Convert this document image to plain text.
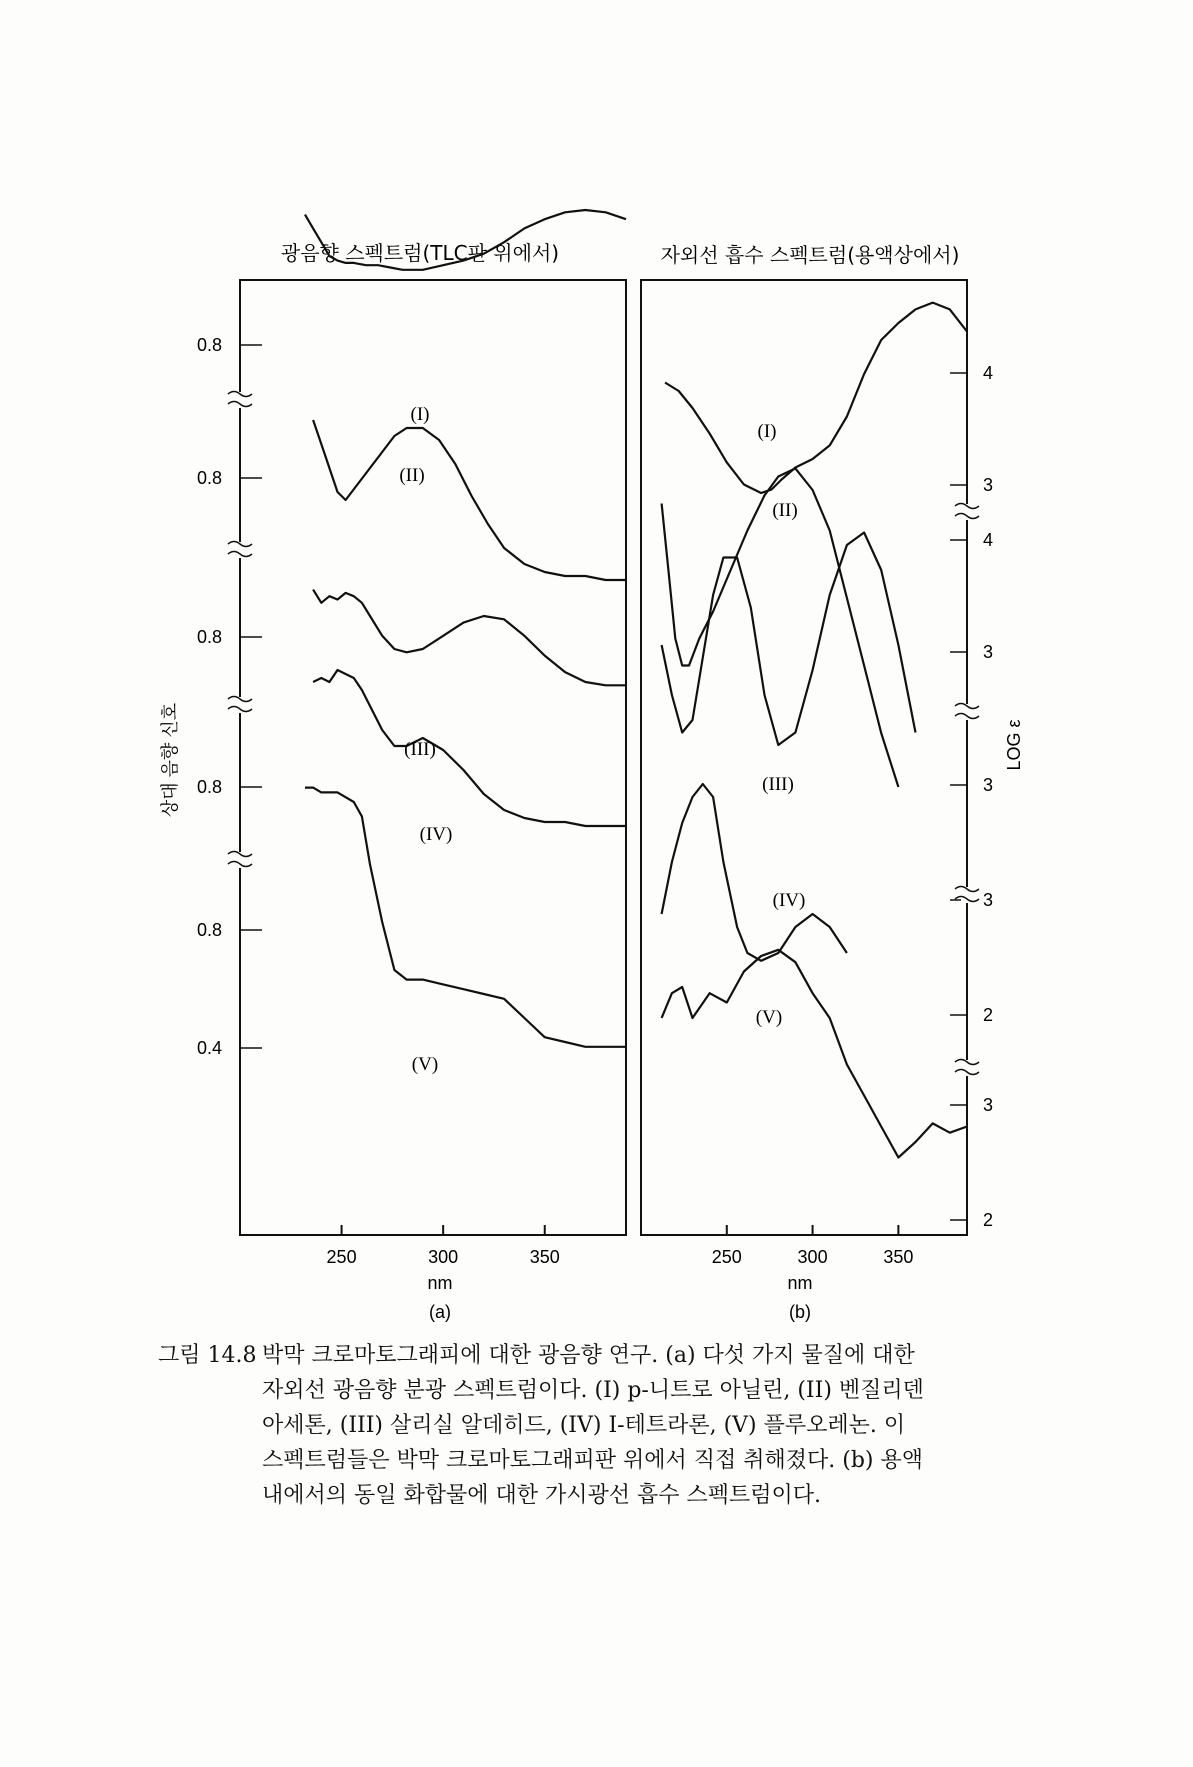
광음향 스펙트럼(TLC판 위에서)	자외선 흡수 스펙트럼(용액상에서)
상대 음향 신호	LOG ε
nm
(a)
nm
(b)
250	300	350	250	300	350
0.8
0.8
0.8
0.8
0.8
0.4
4
3
4
3
3
3
2
3
2
(I)
(II)
(III)
(IV)
(V)
(I)
(II)
(III)
(IV)
(V)
그림 14.8 박막 크로마토그래피에 대한 광음향 연구. (a) 다섯 가지 물질에 대한
자외선 광음향 분광 스펙트럼이다. (I) p-니트로 아닐린, (II) 벤질리덴
아세톤, (III) 살리실 알데히드, (IV) I-테트라론, (V) 플루오레논. 이
스펙트럼들은 박막 크로마토그래피판 위에서 직접 취해졌다. (b) 용액
내에서의 동일 화합물에 대한 가시광선 흡수 스펙트럼이다.
